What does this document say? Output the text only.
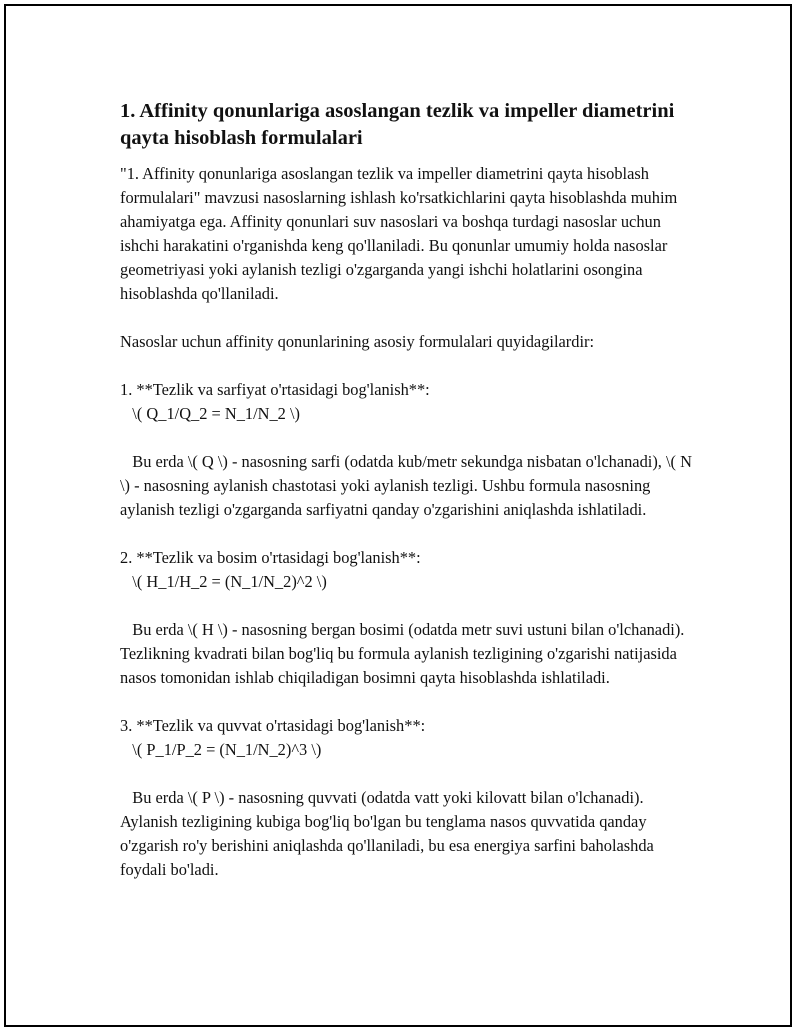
1. Affinity qonunlariga asoslangan tezlik va impeller diametrini qayta hisoblash formulalari

"1. Affinity qonunlariga asoslangan tezlik va impeller diametrini qayta hisoblash formulalari" mavzusi nasoslarning ishlash ko'rsatkichlarini qayta hisoblashda muhim ahamiyatga ega. Affinity qonunlari suv nasoslari va boshqa turdagi nasoslar uchun ishchi harakatini o'rganishda keng qo'llaniladi. Bu qonunlar umumiy holda nasoslar geometriyasi yoki aylanish tezligi o'zgarganda yangi ishchi holatlarini osongina hisoblashda qo'llaniladi.

Nasoslar uchun affinity qonunlarining asosiy formulalari quyidagilardir:

1. **Tezlik va sarfiyat o'rtasidagi bog'lanish**:
\( Q_1/Q_2 = N_1/N_2 \)

Bu erda \( Q \) - nasosning sarfi (odatda kub/metr sekundga nisbatan o'lchanadi), \( N \) - nasosning aylanish chastotasi yoki aylanish tezligi. Ushbu formula nasosning aylanish tezligi o'zgarganda sarfiyatni qanday o'zgarishini aniqlashda ishlatiladi.

2. **Tezlik va bosim o'rtasidagi bog'lanish**:
\( H_1/H_2 = (N_1/N_2)^2 \)

Bu erda \( H \) - nasosning bergan bosimi (odatda metr suvi ustuni bilan o'lchanadi). Tezlikning kvadrati bilan bog'liq bu formula aylanish tezligining o'zgarishi natijasida nasos tomonidan ishlab chiqiladigan bosimni qayta hisoblashda ishlatiladi.

3. **Tezlik va quvvat o'rtasidagi bog'lanish**:
\( P_1/P_2 = (N_1/N_2)^3 \)

Bu erda \( P \) - nasosning quvvati (odatda vatt yoki kilovatt bilan o'lchanadi). Aylanish tezligining kubiga bog'liq bo'lgan bu tenglama nasos quvvatida qanday o'zgarish ro'y berishini aniqlashda qo'llaniladi, bu esa energiya sarfini baholashda foydali bo'ladi.
